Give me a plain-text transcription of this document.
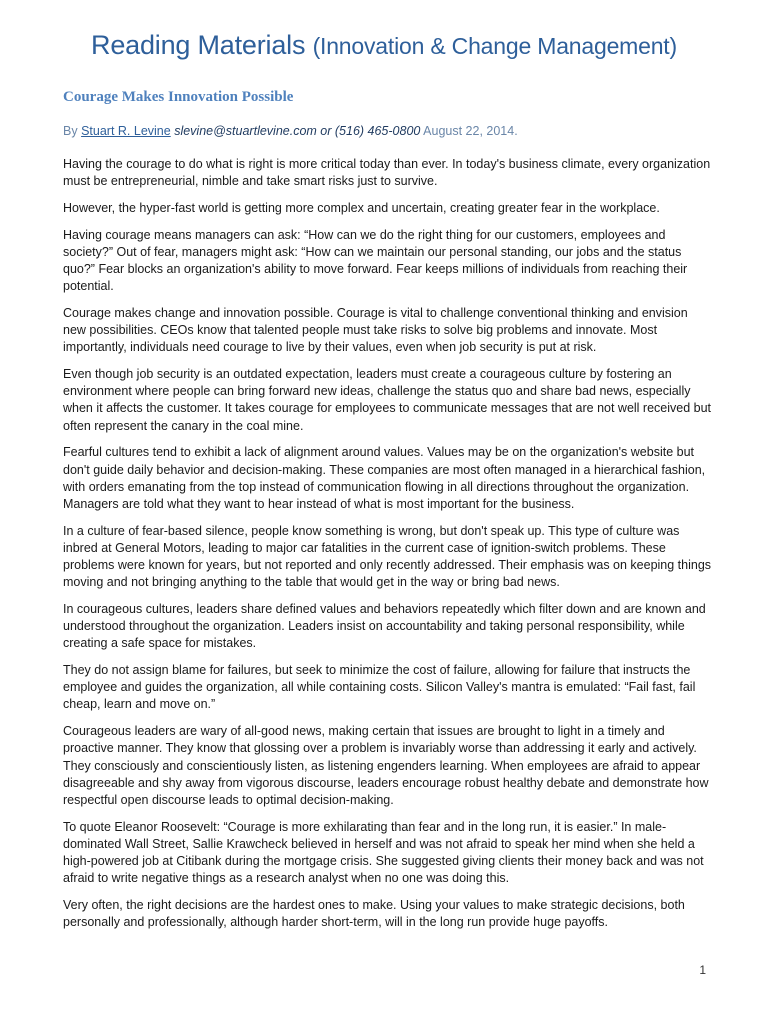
Reading Materials (Innovation & Change Management)
Courage Makes Innovation Possible
By Stuart R. Levine slevine@stuartlevine.com or (516) 465-0800 August 22, 2014.

Having the courage to do what is right is more critical today than ever. In today's business climate, every organization must be entrepreneurial, nimble and take smart risks just to survive.

However, the hyper-fast world is getting more complex and uncertain, creating greater fear in the workplace.

Having courage means managers can ask: “How can we do the right thing for our customers, employees and society?” Out of fear, managers might ask: “How can we maintain our personal standing, our jobs and the status quo?” Fear blocks an organization's ability to move forward. Fear keeps millions of individuals from reaching their potential.

Courage makes change and innovation possible. Courage is vital to challenge conventional thinking and envision new possibilities. CEOs know that talented people must take risks to solve big problems and innovate. Most importantly, individuals need courage to live by their values, even when job security is put at risk.

Even though job security is an outdated expectation, leaders must create a courageous culture by fostering an environment where people can bring forward new ideas, challenge the status quo and share bad news, especially when it affects the customer. It takes courage for employees to communicate messages that are not well received but often represent the canary in the coal mine.

Fearful cultures tend to exhibit a lack of alignment around values. Values may be on the organization's website but don't guide daily behavior and decision-making. These companies are most often managed in a hierarchical fashion, with orders emanating from the top instead of communication flowing in all directions throughout the organization. Managers are told what they want to hear instead of what is most important for the business.

In a culture of fear-based silence, people know something is wrong, but don't speak up. This type of culture was inbred at General Motors, leading to major car fatalities in the current case of ignition-switch problems. These problems were known for years, but not reported and only recently addressed. Their emphasis was on keeping things moving and not bringing anything to the table that would get in the way or bring bad news.

In courageous cultures, leaders share defined values and behaviors repeatedly which filter down and are known and understood throughout the organization. Leaders insist on accountability and taking personal responsibility, while creating a safe space for mistakes.

They do not assign blame for failures, but seek to minimize the cost of failure, allowing for failure that instructs the employee and guides the organization, all while containing costs. Silicon Valley's mantra is emulated: “Fail fast, fail cheap, learn and move on.”

Courageous leaders are wary of all-good news, making certain that issues are brought to light in a timely and proactive manner. They know that glossing over a problem is invariably worse than addressing it early and actively. They consciously and conscientiously listen, as listening engenders learning. When employees are afraid to appear disagreeable and shy away from vigorous discourse, leaders encourage robust healthy debate and demonstrate how respectful open discourse leads to optimal decision-making.

To quote Eleanor Roosevelt: “Courage is more exhilarating than fear and in the long run, it is easier.” In male-dominated Wall Street, Sallie Krawcheck believed in herself and was not afraid to speak her mind when she held a high-powered job at Citibank during the mortgage crisis. She suggested giving clients their money back and was not afraid to write negative things as a research analyst when no one was doing this.

Very often, the right decisions are the hardest ones to make. Using your values to make strategic decisions, both personally and professionally, although harder short-term, will in the long run provide huge payoffs.

1
